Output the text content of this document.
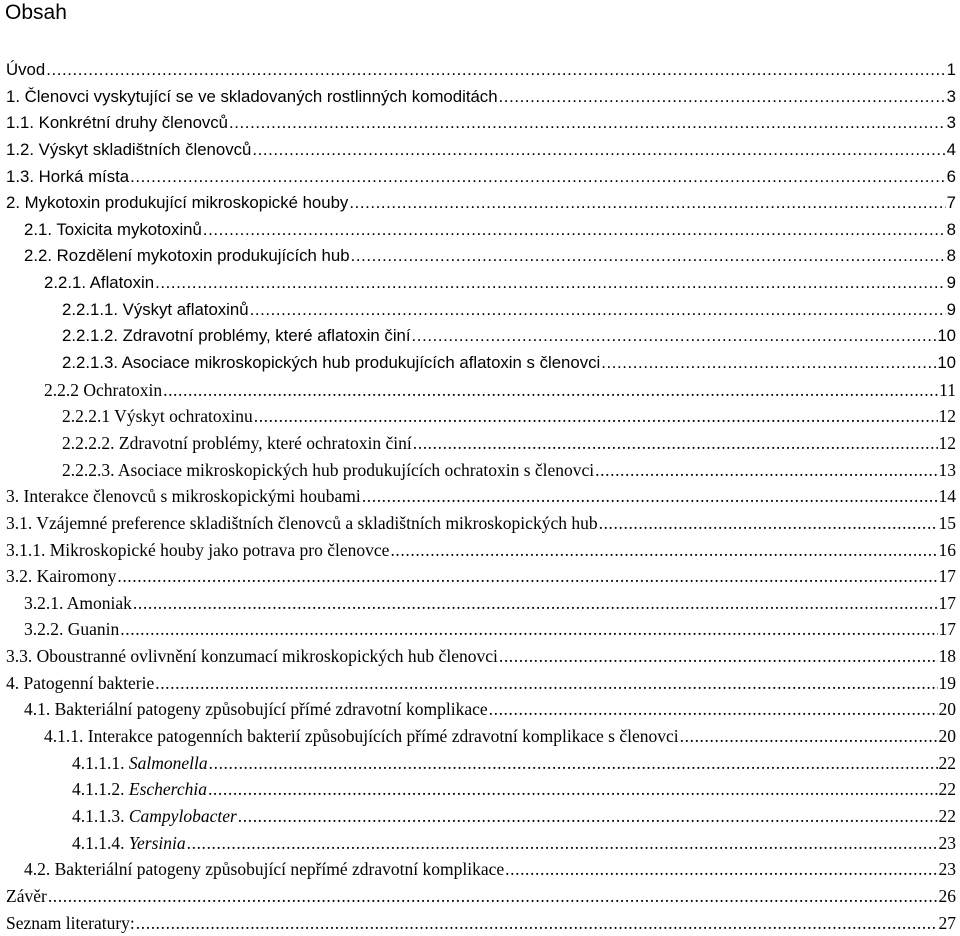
Obsah
Úvod .....	1
1. Členovci vyskytující se ve skladovaných rostlinných komoditách .....	3
1.1. Konkrétní druhy členovců .....	3
1.2. Výskyt skladištních členovců .....	4
1.3. Horká místa .....	6
2. Mykotoxin produkující mikroskopické houby .....	7
2.1. Toxicita mykotoxinů .....	8
2.2. Rozdělení mykotoxin produkujících hub .....	8
2.2.1. Aflatoxin .....	9
2.2.1.1. Výskyt aflatoxinů .....	9
2.2.1.2. Zdravotní problémy, které aflatoxin činí .....	10
2.2.1.3. Asociace mikroskopických hub produkujících aflatoxin s členovci .....	10
2.2.2 Ochratoxin .....	11
2.2.2.1 Výskyt ochratoxinu .....	12
2.2.2.2. Zdravotní problémy, které ochratoxin činí .....	12
2.2.2.3. Asociace mikroskopických hub produkujících ochratoxin s členovci .....	13
3. Interakce členovců s mikroskopickými houbami .....	14
3.1. Vzájemné preference skladištních členovců a skladištních mikroskopických hub .....	15
3.1.1. Mikroskopické houby jako potrava pro členovce .....	16
3.2. Kairomony .....	17
3.2.1. Amoniak .....	17
3.2.2. Guanin .....	17
3.3. Oboustranné ovlivnění konzumací mikroskopických hub členovci .....	18
4. Patogenní bakterie .....	19
4.1. Bakteriální patogeny způsobující přímé zdravotní komplikace .....	20
4.1.1. Interakce patogenních bakterií způsobujících přímé zdravotní komplikace s členovci .....	20
4.1.1.1. Salmonella .....	22
4.1.1.2. Escherchia .....	22
4.1.1.3. Campylobacter .....	22
4.1.1.4. Yersinia .....	23
4.2. Bakteriální patogeny způsobující nepřímé zdravotní komplikace .....	23
Závěr .....	26
Seznam literatury: .....	27
